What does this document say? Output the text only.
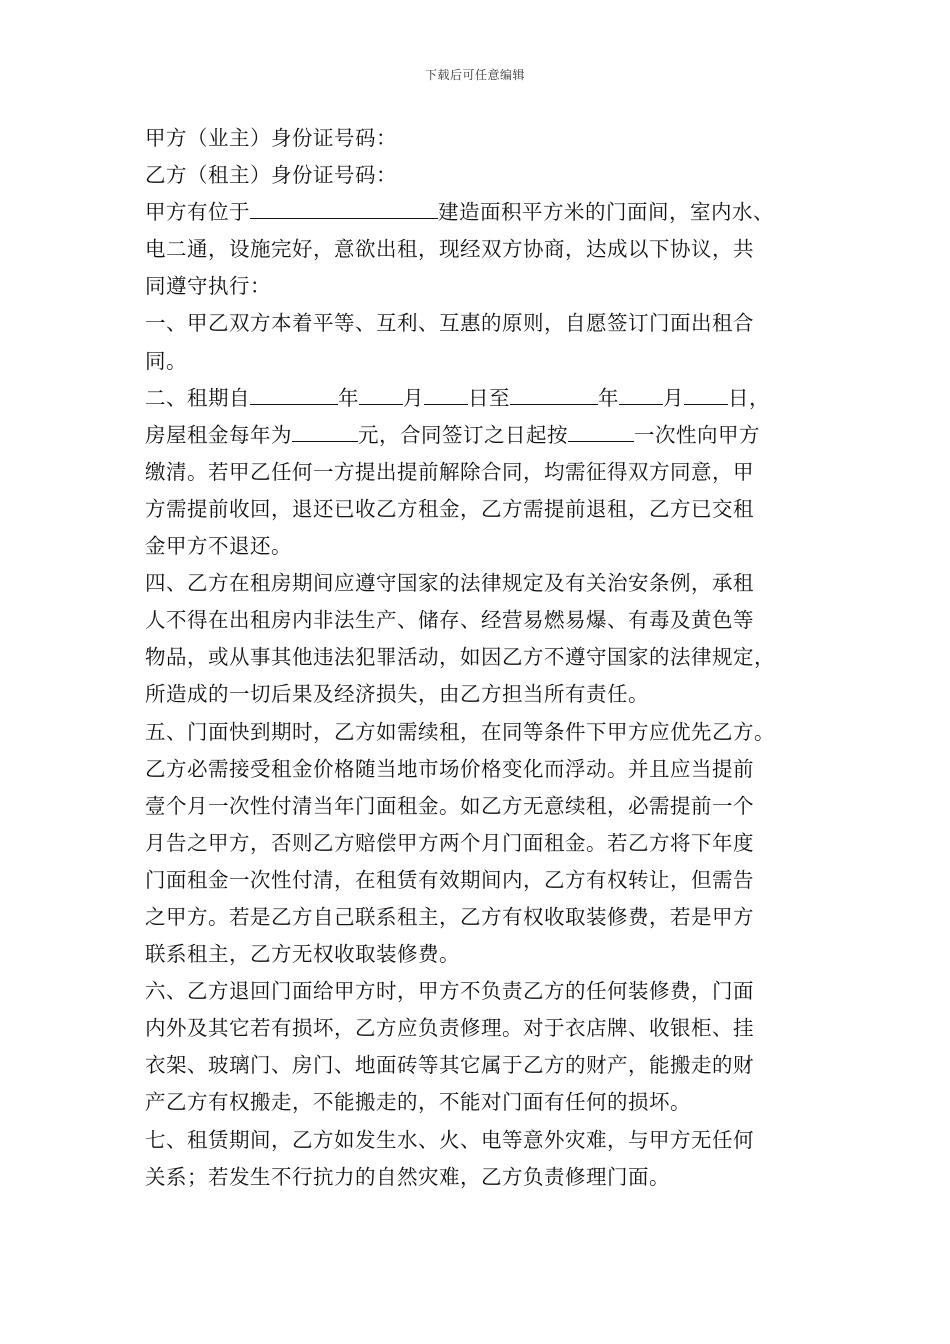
下载后可任意编辑
甲方（业主）身份证号码：
乙方（租主）身份证号码：
甲方有位于	建造面积平方米的门面间，室内水、
电二通，设施完好，意欲出租，现经双方协商，达成以下协议，共
同遵守执行：
一、甲乙双方本着平等、互利、互惠的原则，自愿签订门面出租合
同。
二、租期自	年 月 日至	年 月 日，
房屋租金每年为	元，合同签订之日起按	一次性向甲方
缴清。若甲乙任何一方提出提前解除合同，均需征得双方同意，甲
方需提前收回，退还已收乙方租金，乙方需提前退租，乙方已交租
金甲方不退还。
四、乙方在租房期间应遵守国家的法律规定及有关治安条例，承租
人不得在出租房内非法生产、储存、经营易燃易爆、有毒及黄色等
物品，或从事其他违法犯罪活动，如因乙方不遵守国家的法律规定，
所造成的一切后果及经济损失，由乙方担当所有责任。
五、门面快到期时，乙方如需续租，在同等条件下甲方应优先乙方。
乙方必需接受租金价格随当地市场价格变化而浮动。并且应当提前
壹个月一次性付清当年门面租金。如乙方无意续租，必需提前一个
月告之甲方，否则乙方赔偿甲方两个月门面租金。若乙方将下年度
门面租金一次性付清，在租赁有效期间内，乙方有权转让，但需告
之甲方。若是乙方自己联系租主，乙方有权收取装修费，若是甲方
联系租主，乙方无权收取装修费。
六、乙方退回门面给甲方时，甲方不负责乙方的任何装修费，门面
内外及其它若有损坏，乙方应负责修理。对于衣店牌、收银柜、挂
衣架、玻璃门、房门、地面砖等其它属于乙方的财产，能搬走的财
产乙方有权搬走，不能搬走的，不能对门面有任何的损坏。
七、租赁期间，乙方如发生水、火、电等意外灾难，与甲方无任何
关系；若发生不行抗力的自然灾难，乙方负责修理门面。
